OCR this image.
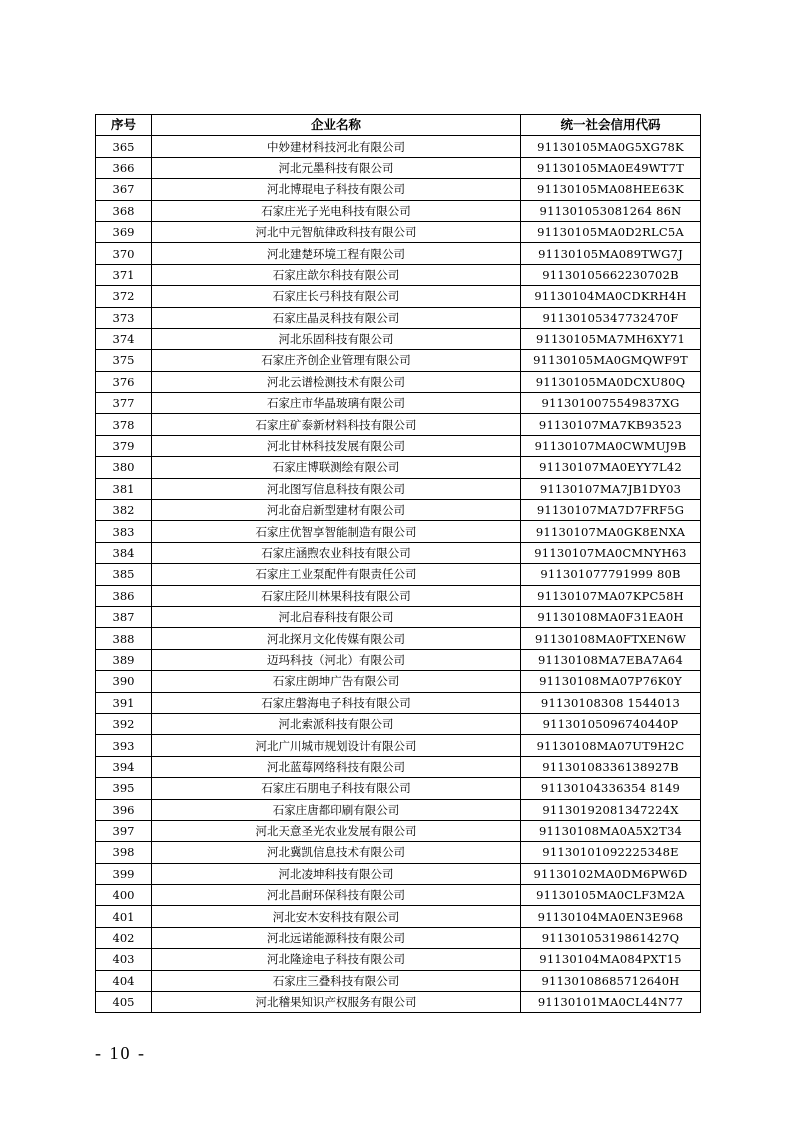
序号	企业名称	统一社会信用代码
365	中妙建材科技河北有限公司	91130105MA0G5XG78K
366	河北元墨科技有限公司	91130105MA0E49WT7T
367	河北博琨电子科技有限公司	91130105MA08HEE63K
368	石家庄光子光电科技有限公司	911301053081264 86N
369	河北中元智航律政科技有限公司	91130105MA0D2RLC5A
370	河北建楚环境工程有限公司	91130105MA089TWG7J
371	石家庄歆尔科技有限公司	91130105662230702B
372	石家庄长弓科技有限公司	91130104MA0CDKRH4H
373	石家庄晶灵科技有限公司	91130105347732470F
374	河北乐固科技有限公司	91130105MA7MH6XY71
375	石家庄齐创企业管理有限公司	91130105MA0GMQWF9T
376	河北云谱检测技术有限公司	91130105MA0DCXU80Q
377	石家庄市华晶玻璃有限公司	9113010075549837XG
378	石家庄矿泰新材料科技有限公司	91130107MA7KB93523
379	河北甘林科技发展有限公司	91130107MA0CWMUJ9B
380	石家庄博联测绘有限公司	91130107MA0EYY7L42
381	河北图写信息科技有限公司	91130107MA7JB1DY03
382	河北奋启新型建材有限公司	91130107MA7D7FRF5G
383	石家庄优智享智能制造有限公司	91130107MA0GK8ENXA
384	石家庄涵煦农业科技有限公司	91130107MA0CMNYH63
385	石家庄工业泵配件有限责任公司	911301077791999 80B
386	石家庄陉川林果科技有限公司	91130107MA07KPC58H
387	河北启春科技有限公司	91130108MA0F31EA0H
388	河北探月文化传媒有限公司	91130108MA0FTXEN6W
389	迈玛科技（河北）有限公司	91130108MA7EBA7A64
390	石家庄朗坤广告有限公司	91130108MA07P76K0Y
391	石家庄磐海电子科技有限公司	91130108308 1544013
392	河北索派科技有限公司	91130105096740440P
393	河北广川城市规划设计有限公司	91130108MA07UT9H2C
394	河北蓝莓网络科技有限公司	91130108336138927B
395	石家庄石朋电子科技有限公司	91130104336354 8149
396	石家庄唐都印刷有限公司	91130192081347224X
397	河北天意圣光农业发展有限公司	91130108MA0A5X2T34
398	河北冀凯信息技术有限公司	91130101092225348E
399	河北凌坤科技有限公司	91130102MA0DM6PW6D
400	河北昌耐环保科技有限公司	91130105MA0CLF3M2A
401	河北安木安科技有限公司	91130104MA0EN3E968
402	河北远诺能源科技有限公司	91130105319861427Q
403	河北隆途电子科技有限公司	91130104MA084PXT15
404	石家庄三叠科技有限公司	91130108685712640H
405	河北稽果知识产权服务有限公司	91130101MA0CL44N77
- 10 -
